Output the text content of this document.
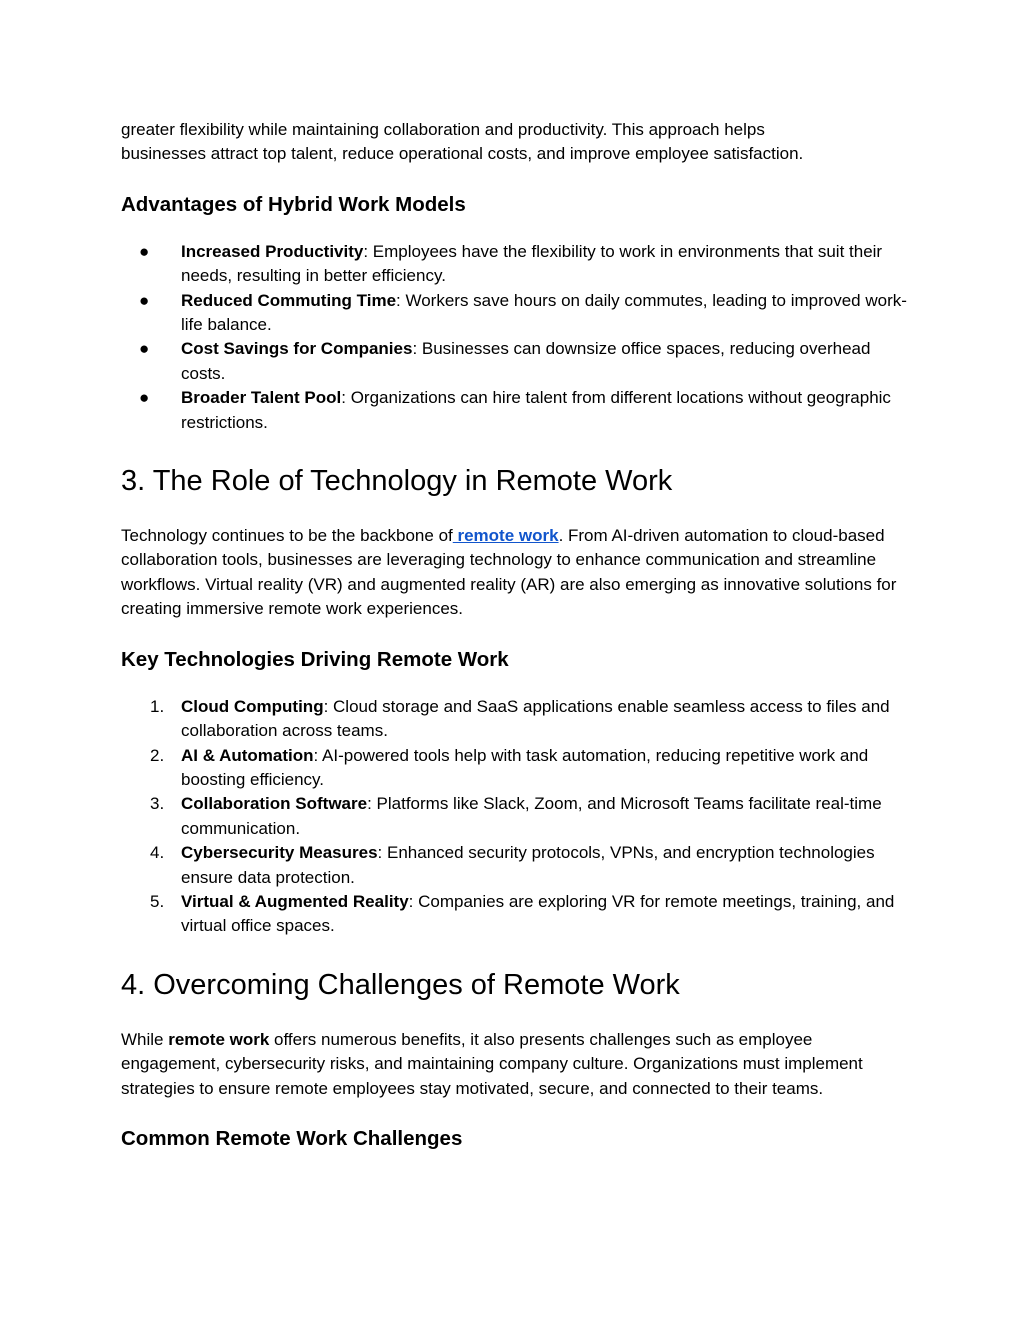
greater flexibility while maintaining collaboration and productivity. This approach helps
businesses attract top talent, reduce operational costs, and improve employee satisfaction.

Advantages of Hybrid Work Models
● Increased Productivity: Employees have the flexibility to work in environments that suit their needs, resulting in better efficiency.
● Reduced Commuting Time: Workers save hours on daily commutes, leading to improved work-life balance.
● Cost Savings for Companies: Businesses can downsize office spaces, reducing overhead costs.
● Broader Talent Pool: Organizations can hire talent from different locations without geographic restrictions.
3. The Role of Technology in Remote Work

Technology continues to be the backbone of remote work. From AI-driven automation to cloud-based collaboration tools, businesses are leveraging technology to enhance communication and streamline workflows. Virtual reality (VR) and augmented reality (AR) are also emerging as innovative solutions for creating immersive remote work experiences.

Key Technologies Driving Remote Work
1. Cloud Computing: Cloud storage and SaaS applications enable seamless access to files and collaboration across teams.
2. AI & Automation: AI-powered tools help with task automation, reducing repetitive work and boosting efficiency.
3. Collaboration Software: Platforms like Slack, Zoom, and Microsoft Teams facilitate real-time communication.
4. Cybersecurity Measures: Enhanced security protocols, VPNs, and encryption technologies ensure data protection.
5. Virtual & Augmented Reality: Companies are exploring VR for remote meetings, training, and virtual office spaces.
4. Overcoming Challenges of Remote Work

While remote work offers numerous benefits, it also presents challenges such as employee engagement, cybersecurity risks, and maintaining company culture. Organizations must implement strategies to ensure remote employees stay motivated, secure, and connected to their teams.

Common Remote Work Challenges
